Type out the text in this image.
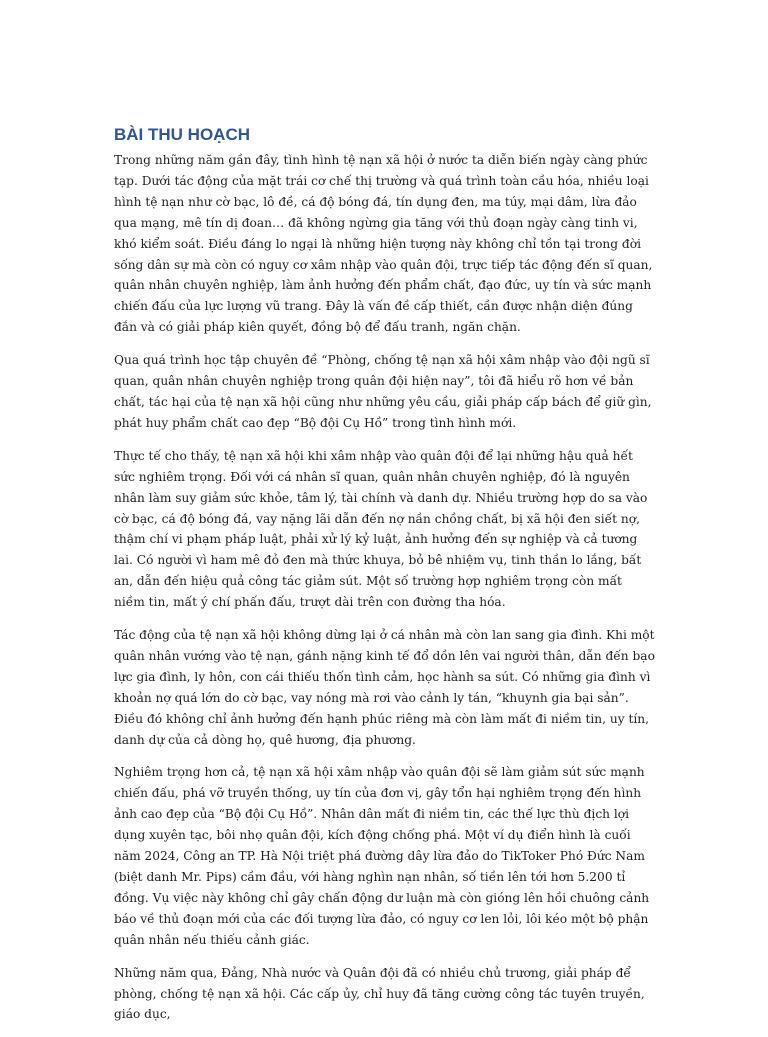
BÀI THU HOẠCH

Trong những năm gần đây, tình hình tệ nạn xã hội ở nước ta diễn biến ngày càng phức tạp. Dưới tác động của mặt trái cơ chế thị trường và quá trình toàn cầu hóa, nhiều loại hình tệ nạn như cờ bạc, lô đề, cá độ bóng đá, tín dụng đen, ma túy, mại dâm, lừa đảo qua mạng, mê tín dị đoan… đã không ngừng gia tăng với thủ đoạn ngày càng tinh vi, khó kiểm soát. Điều đáng lo ngại là những hiện tượng này không chỉ tồn tại trong đời sống dân sự mà còn có nguy cơ xâm nhập vào quân đội, trực tiếp tác động đến sĩ quan, quân nhân chuyên nghiệp, làm ảnh hưởng đến phẩm chất, đạo đức, uy tín và sức mạnh chiến đấu của lực lượng vũ trang. Đây là vấn đề cấp thiết, cần được nhận diện đúng đắn và có giải pháp kiên quyết, đồng bộ để đấu tranh, ngăn chặn.

Qua quá trình học tập chuyên đề “Phòng, chống tệ nạn xã hội xâm nhập vào đội ngũ sĩ quan, quân nhân chuyên nghiệp trong quân đội hiện nay”, tôi đã hiểu rõ hơn về bản chất, tác hại của tệ nạn xã hội cũng như những yêu cầu, giải pháp cấp bách để giữ gìn, phát huy phẩm chất cao đẹp “Bộ đội Cụ Hồ” trong tình hình mới.

Thực tế cho thấy, tệ nạn xã hội khi xâm nhập vào quân đội để lại những hậu quả hết sức nghiêm trọng. Đối với cá nhân sĩ quan, quân nhân chuyên nghiệp, đó là nguyên nhân làm suy giảm sức khỏe, tâm lý, tài chính và danh dự. Nhiều trường hợp do sa vào cờ bạc, cá độ bóng đá, vay nặng lãi dẫn đến nợ nần chồng chất, bị xã hội đen siết nợ, thậm chí vi phạm pháp luật, phải xử lý kỷ luật, ảnh hưởng đến sự nghiệp và cả tương lai. Có người vì ham mê đỏ đen mà thức khuya, bỏ bê nhiệm vụ, tinh thần lo lắng, bất an, dẫn đến hiệu quả công tác giảm sút. Một số trường hợp nghiêm trọng còn mất niềm tin, mất ý chí phấn đấu, trượt dài trên con đường tha hóa.

Tác động của tệ nạn xã hội không dừng lại ở cá nhân mà còn lan sang gia đình. Khi một quân nhân vướng vào tệ nạn, gánh nặng kinh tế đổ dồn lên vai người thân, dẫn đến bạo lực gia đình, ly hôn, con cái thiếu thốn tình cảm, học hành sa sút. Có những gia đình vì khoản nợ quá lớn do cờ bạc, vay nóng mà rơi vào cảnh ly tán, “khuynh gia bại sản”. Điều đó không chỉ ảnh hưởng đến hạnh phúc riêng mà còn làm mất đi niềm tin, uy tín, danh dự của cả dòng họ, quê hương, địa phương.

Nghiêm trọng hơn cả, tệ nạn xã hội xâm nhập vào quân đội sẽ làm giảm sút sức mạnh chiến đấu, phá vỡ truyền thống, uy tín của đơn vị, gây tổn hại nghiêm trọng đến hình ảnh cao đẹp của “Bộ đội Cụ Hồ”. Nhân dân mất đi niềm tin, các thế lực thù địch lợi dụng xuyên tạc, bôi nhọ quân đội, kích động chống phá. Một ví dụ điển hình là cuối năm 2024, Công an TP. Hà Nội triệt phá đường dây lừa đảo do TikToker Phó Đức Nam (biệt danh Mr. Pips) cầm đầu, với hàng nghìn nạn nhân, số tiền lên tới hơn 5.200 tỉ đồng. Vụ việc này không chỉ gây chấn động dư luận mà còn gióng lên hồi chuông cảnh báo về thủ đoạn mới của các đối tượng lừa đảo, có nguy cơ len lỏi, lôi kéo một bộ phận quân nhân nếu thiếu cảnh giác.

Những năm qua, Đảng, Nhà nước và Quân đội đã có nhiều chủ trương, giải pháp để phòng, chống tệ nạn xã hội. Các cấp ủy, chỉ huy đã tăng cường công tác tuyên truyền, giáo dục,
